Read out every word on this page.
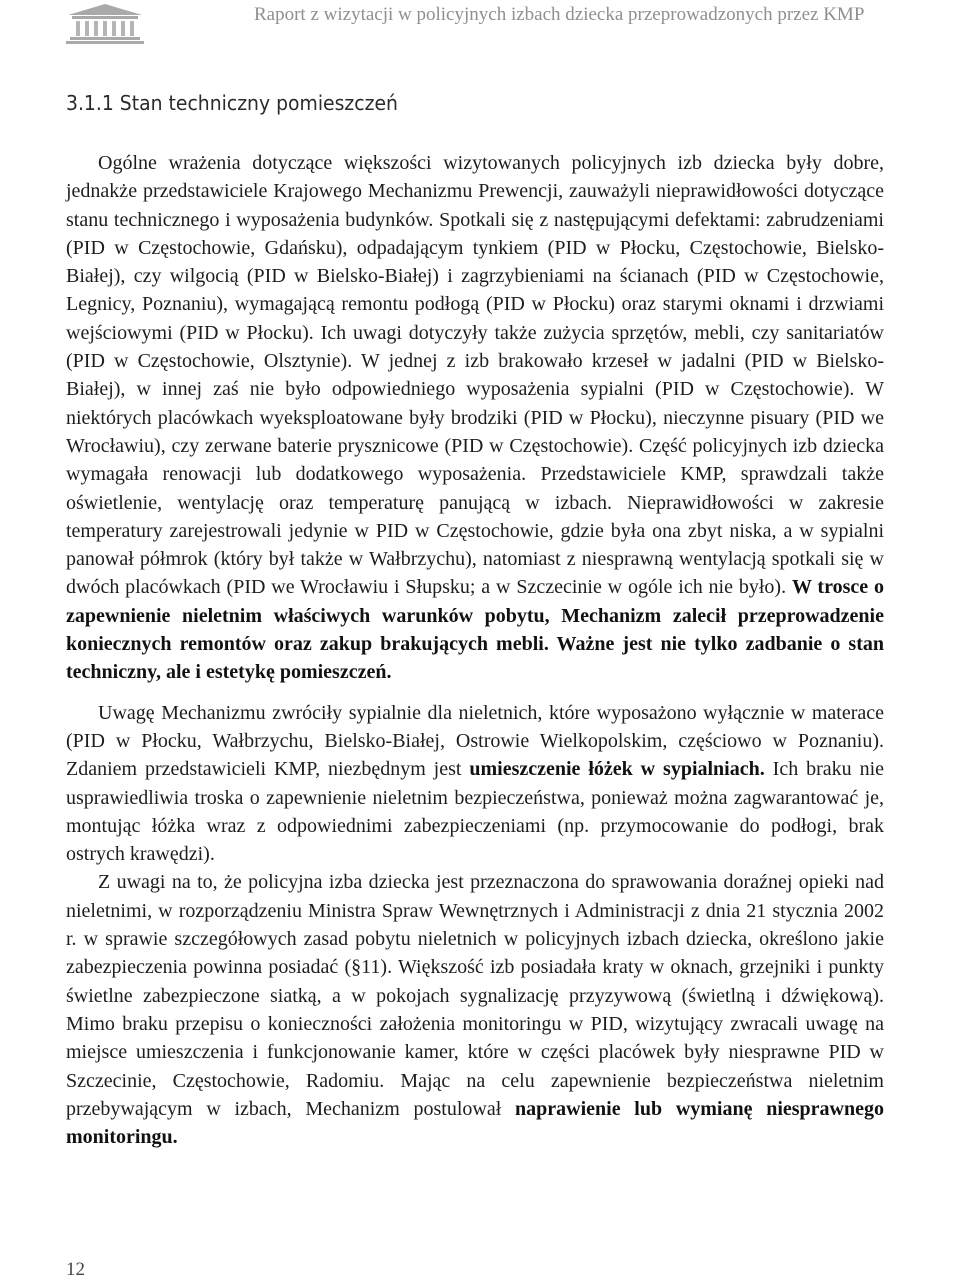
Raport z wizytacji w policyjnych izbach dziecka przeprowadzonych przez KMP
3.1.1 Stan techniczny pomieszczeń

Ogólne wrażenia dotyczące większości wizytowanych policyjnych izb dziecka były dobre, jednakże przedstawiciele Krajowego Mechanizmu Prewencji, zauważyli nieprawidłowości dotyczące stanu technicznego i wyposażenia budynków. Spotkali się z następującymi defektami: zabrudzeniami (PID w Częstochowie, Gdańsku), odpadającym tynkiem (PID w Płocku, Częstochowie, Bielsko-Białej), czy wilgocią (PID w Bielsko-Białej) i zagrzybieniami na ścianach (PID w Częstochowie, Legnicy, Poznaniu), wymagającą remontu podłogą (PID w Płocku) oraz starymi oknami i drzwiami wejściowymi (PID w Płocku). Ich uwagi dotyczyły także zużycia sprzętów, mebli, czy sanitariatów (PID w Częstochowie, Olsztynie). W jednej z izb brakowało krzeseł w jadalni (PID w Bielsko-Białej), w innej zaś nie było odpowiedniego wyposażenia sypialni (PID w Częstochowie). W niektórych placówkach wyeksploatowane były brodziki (PID w Płocku), nieczynne pisuary (PID we Wrocławiu), czy zerwane baterie prysznicowe (PID w Częstochowie). Część policyjnych izb dziecka wymagała renowacji lub dodatkowego wyposażenia. Przedstawiciele KMP, sprawdzali także oświetlenie, wentylację oraz temperaturę panującą w izbach. Nieprawidłowości w zakresie temperatury zarejestrowali jedynie w PID w Częstochowie, gdzie była ona zbyt niska, a w sypialni panował półmrok (który był także w Wałbrzychu), natomiast z niesprawną wentylacją spotkali się w dwóch placówkach (PID we Wrocławiu i Słupsku; a w Szczecinie w ogóle ich nie było). W trosce o zapewnienie nieletnim właściwych warunków pobytu, Mechanizm zalecił przeprowadzenie koniecznych remontów oraz zakup brakujących mebli. Ważne jest nie tylko zadbanie o stan techniczny, ale i estetykę pomieszczeń.

Uwagę Mechanizmu zwróciły sypialnie dla nieletnich, które wyposażono wyłącznie w materace (PID w Płocku, Wałbrzychu, Bielsko-Białej, Ostrowie Wielkopolskim, częściowo w Poznaniu). Zdaniem przedstawicieli KMP, niezbędnym jest umieszczenie łóżek w sypialniach. Ich braku nie usprawiedliwia troska o zapewnienie nieletnim bezpieczeństwa, ponieważ można zagwarantować je, montując łóżka wraz z odpowiednimi zabezpieczeniami (np. przymocowanie do podłogi, brak ostrych krawędzi).

Z uwagi na to, że policyjna izba dziecka jest przeznaczona do sprawowania doraźnej opieki nad nieletnimi, w rozporządzeniu Ministra Spraw Wewnętrznych i Administracji z dnia 21 stycznia 2002 r. w sprawie szczegółowych zasad pobytu nieletnich w policyjnych izbach dziecka, określono jakie zabezpieczenia powinna posiadać (§11). Większość izb posiadała kraty w oknach, grzejniki i punkty świetlne zabezpieczone siatką, a w pokojach sygnalizację przyzywową (świetlną i dźwiękową). Mimo braku przepisu o konieczności założenia monitoringu w PID, wizytujący zwracali uwagę na miejsce umieszczenia i funkcjonowanie kamer, które w części placówek były niesprawne PID w Szczecinie, Częstochowie, Radomiu. Mając na celu zapewnienie bezpieczeństwa nieletnim przebywającym w izbach, Mechanizm postulował naprawienie lub wymianę niesprawnego monitoringu.

12
